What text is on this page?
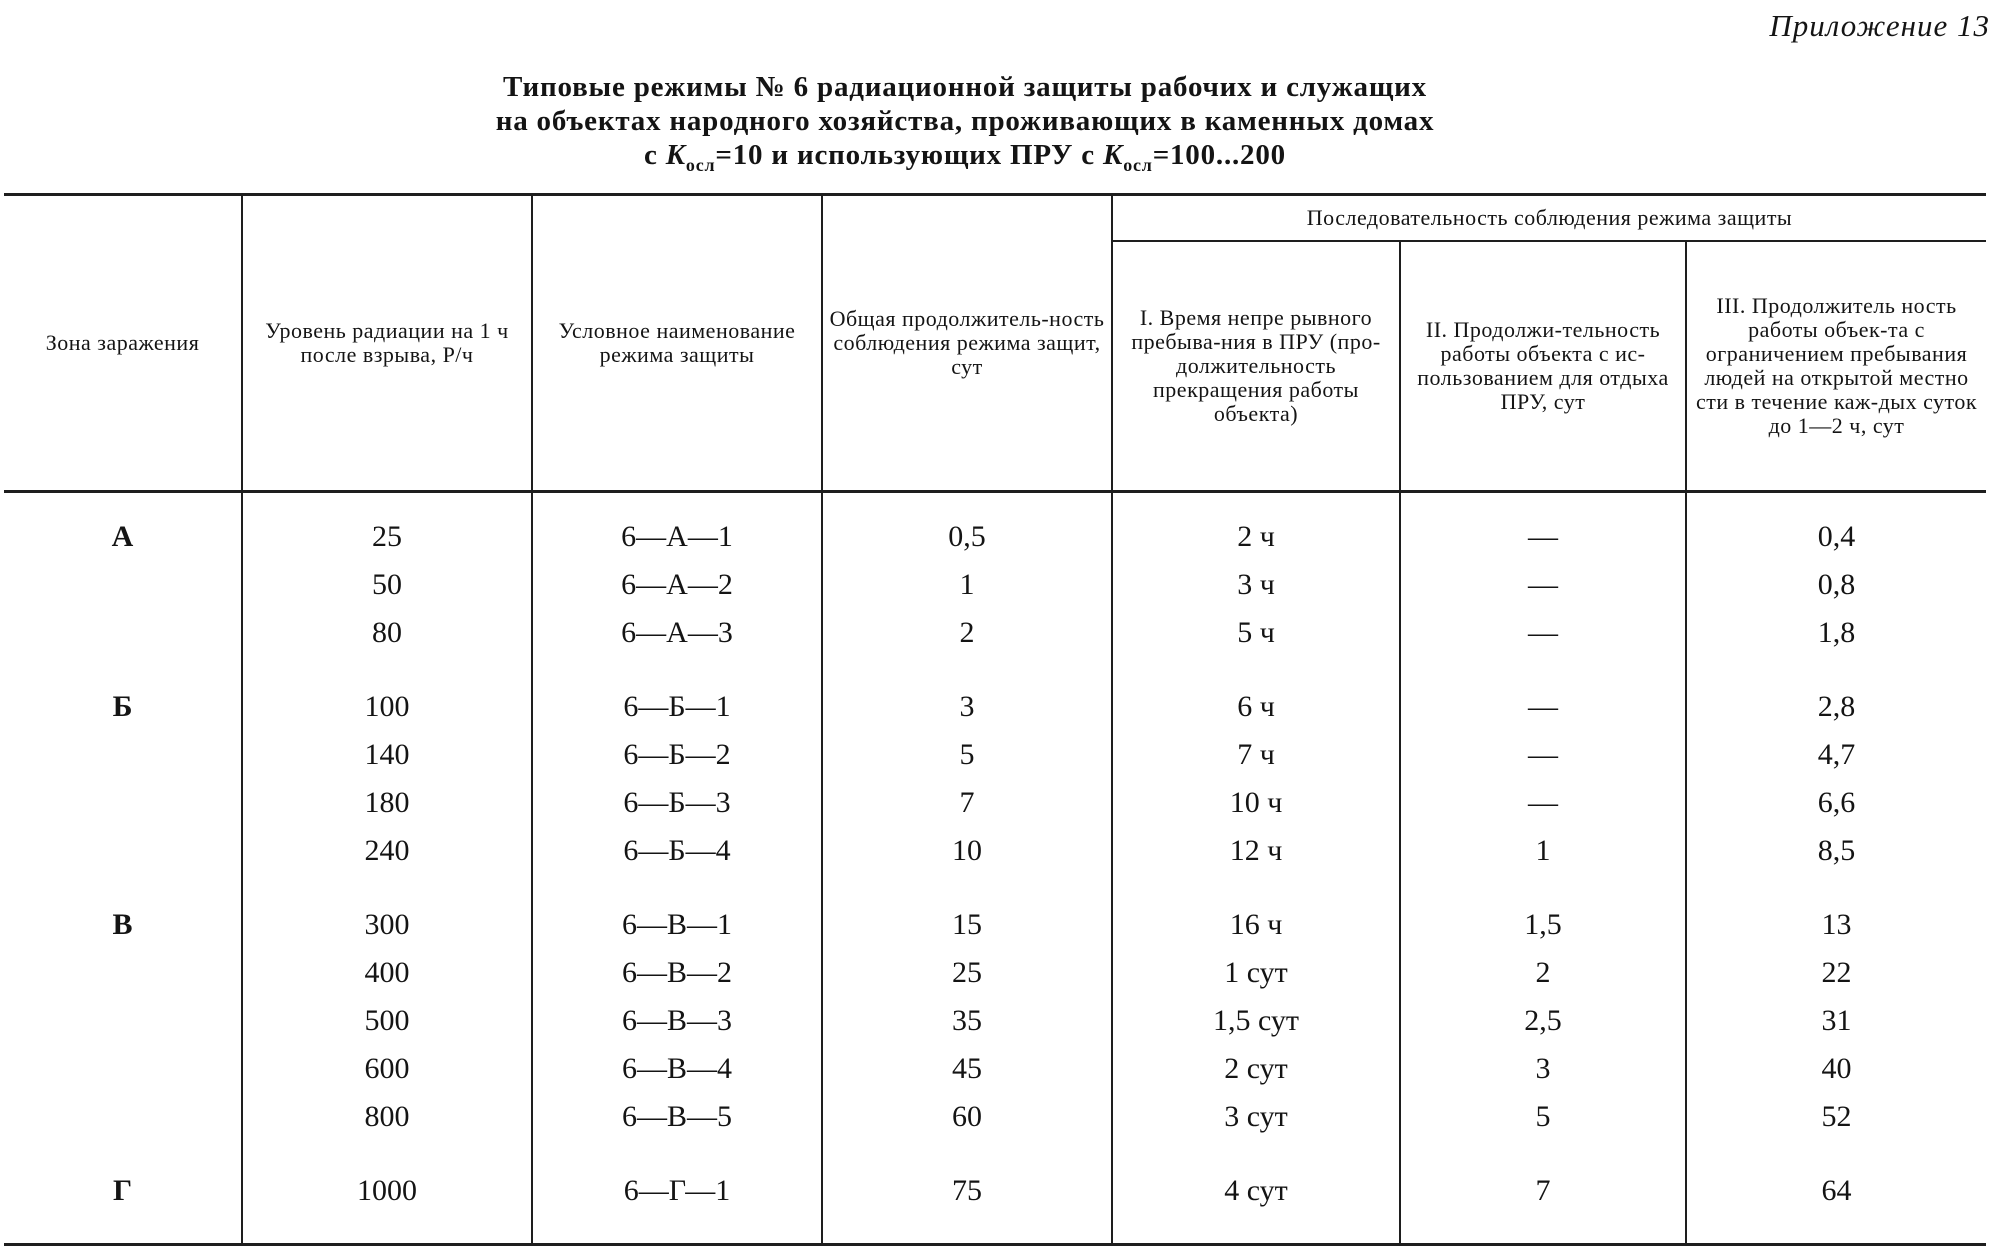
Приложение 13
Типовые режимы № 6 радиационной защиты рабочих и служащих
на объектах народного хозяйства, проживающих в каменных домах
с $K_{осл}=10$ и использующих ПРУ с $K_{осл}=100...200$
Зона заражения	Уровень радиации на 1 ч после взрыва, Р/ч	Условное наименование режима защиты	Общая продолжитель-ность соблюдения режима защит, сут	Последовательность соблюдения режима защиты		
				I. Время непре рывного пребыва-ния в ПРУ (про-должительность прекращения работы объекта)	II. Продолжи-тельность работы объекта с ис-пользованием для отдыха ПРУ, сут	III. Продолжитель ность работы объек-та с ограничением пребывания людей на открытой местно сти в течение каж-дых суток до 1—2 ч, сут
А	25	6—А—1	0,5	2 ч	—	0,4
	50	6—А—2	1	3 ч	—	0,8
	80	6—А—3	2	5 ч	—	1,8
Б	100	6—Б—1	3	6 ч	—	2,8
	140	6—Б—2	5	7 ч	—	4,7
	180	6—Б—3	7	10 ч	—	6,6
	240	6—Б—4	10	12 ч	1	8,5
В	300	6—В—1	15	16 ч	1,5	13
	400	6—В—2	25	1 сут	2	22
	500	6—В—3	35	1,5 сут	2,5	31
	600	6—В—4	45	2 сут	3	40
	800	6—В—5	60	3 сут	5	52
Г	1000	6—Г—1	75	4 сут	7	64
